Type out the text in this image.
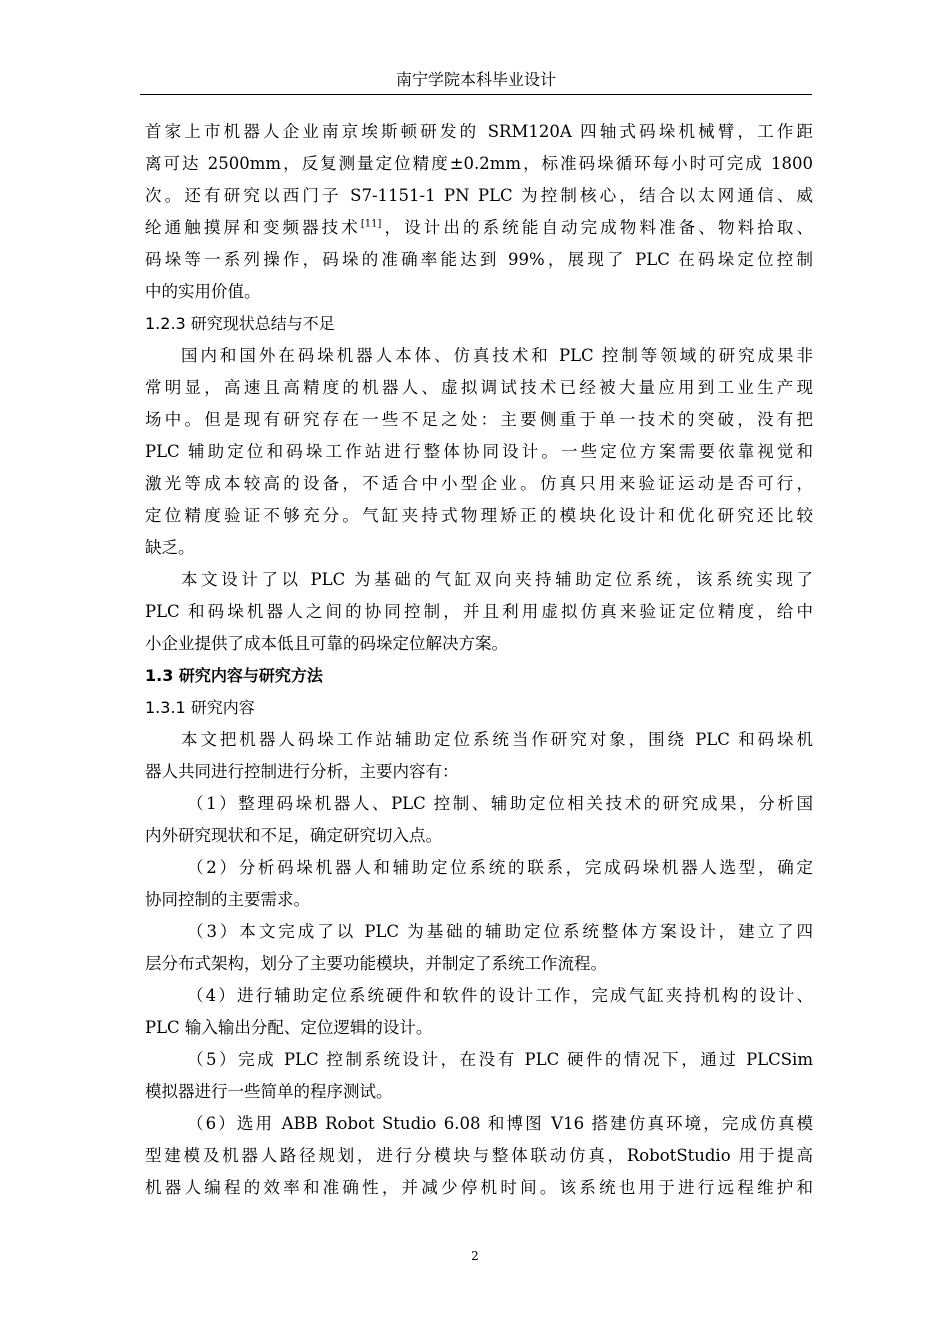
南宁学院本科毕业设计
首家上市机器人企业南京埃斯顿研发的 SRM120A 四轴式码垛机械臂，工作距
离可达 2500mm，反复测量定位精度±0.2mm，标准码垛循环每小时可完成 1800
次。还有研究以西门子 S7-1151-1 PN PLC 为控制核心，结合以太网通信、威
纶通触摸屏和变频器技术[11]，设计出的系统能自动完成物料准备、物料拾取、
码垛等一系列操作，码垛的准确率能达到 99%，展现了 PLC 在码垛定位控制
中的实用价值。
1.2.3 研究现状总结与不足
国内和国外在码垛机器人本体、仿真技术和 PLC 控制等领域的研究成果非
常明显，高速且高精度的机器人、虚拟调试技术已经被大量应用到工业生产现
场中。但是现有研究存在一些不足之处：主要侧重于单一技术的突破，没有把
PLC 辅助定位和码垛工作站进行整体协同设计。一些定位方案需要依靠视觉和
激光等成本较高的设备，不适合中小型企业。仿真只用来验证运动是否可行，
定位精度验证不够充分。气缸夹持式物理矫正的模块化设计和优化研究还比较
缺乏。
本文设计了以 PLC 为基础的气缸双向夹持辅助定位系统，该系统实现了
PLC 和码垛机器人之间的协同控制，并且利用虚拟仿真来验证定位精度，给中
小企业提供了成本低且可靠的码垛定位解决方案。
1.3 研究内容与研究方法
1.3.1 研究内容
本文把机器人码垛工作站辅助定位系统当作研究对象，围绕 PLC 和码垛机
器人共同进行控制进行分析，主要内容有：
（1）整理码垛机器人、PLC 控制、辅助定位相关技术的研究成果，分析国
内外研究现状和不足，确定研究切入点。
（2）分析码垛机器人和辅助定位系统的联系，完成码垛机器人选型，确定
协同控制的主要需求。
（3）本文完成了以 PLC 为基础的辅助定位系统整体方案设计，建立了四
层分布式架构，划分了主要功能模块，并制定了系统工作流程。
（4）进行辅助定位系统硬件和软件的设计工作，完成气缸夹持机构的设计、
PLC 输入输出分配、定位逻辑的设计。
（5）完成 PLC 控制系统设计，在没有 PLC 硬件的情况下，通过 PLCSim
模拟器进行一些简单的程序测试。
（6）选用 ABB Robot Studio 6.08 和博图 V16 搭建仿真环境，完成仿真模
型建模及机器人路径规划，进行分模块与整体联动仿真，RobotStudio 用于提高
机器人编程的效率和准确性，并减少停机时间。该系统也用于进行远程维护和
2
